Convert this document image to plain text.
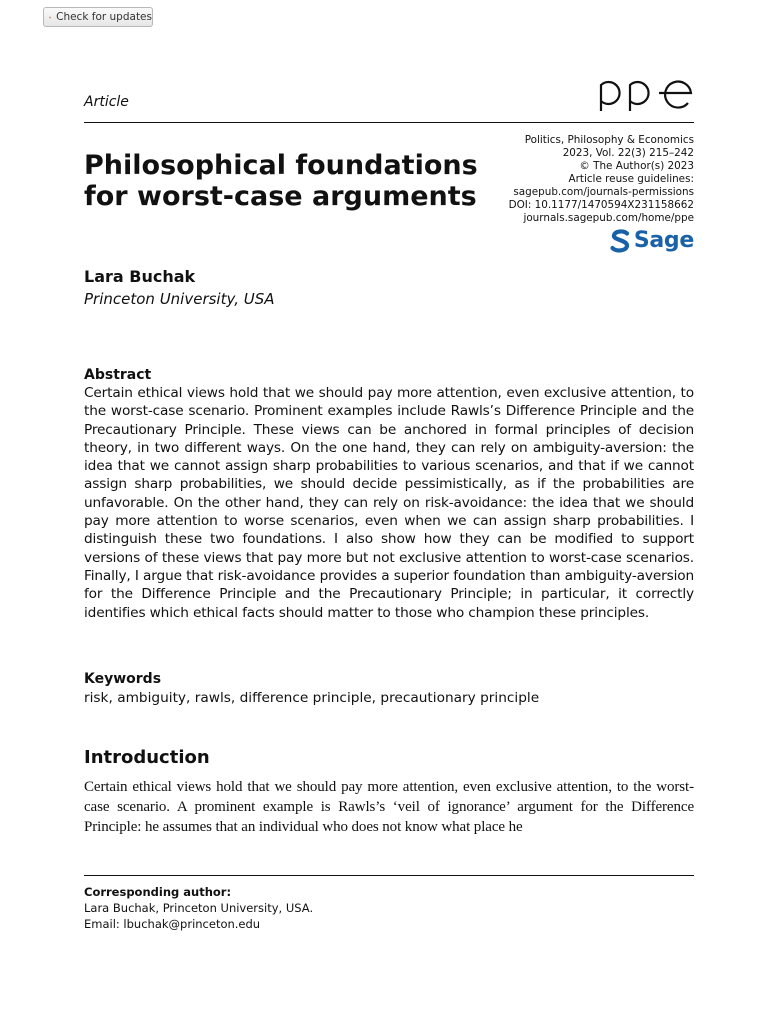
Check for updates
Article
Politics, Philosophy & Economics
2023, Vol. 22(3) 215–242
© The Author(s) 2023
Article reuse guidelines:
sagepub.com/journals-permissions
DOI: 10.1177/1470594X231158662
journals.sagepub.com/home/ppe
Sage
Philosophical foundations
for worst-case arguments
Lara Buchak
Princeton University, USA
Abstract
Certain ethical views hold that we should pay more attention, even exclusive attention, to the worst-case scenario. Prominent examples include Rawls’s Difference Principle and the Precautionary Principle. These views can be anchored in formal principles of decision theory, in two different ways. On the one hand, they can rely on ambiguity-aversion: the idea that we cannot assign sharp probabilities to various scenarios, and that if we cannot assign sharp probabilities, we should decide pessimistically, as if the probabilities are unfavorable. On the other hand, they can rely on risk-avoidance: the idea that we should pay more attention to worse scenarios, even when we can assign sharp probabilities. I distinguish these two foundations. I also show how they can be modified to support versions of these views that pay more but not exclusive attention to worst-case scenarios. Finally, I argue that risk-avoidance provides a superior foundation than ambiguity-aversion for the Difference Principle and the Precautionary Principle; in particular, it correctly identifies which ethical facts should matter to those who champion these principles.
Keywords
risk, ambiguity, rawls, difference principle, precautionary principle
Introduction
Certain ethical views hold that we should pay more attention, even exclusive attention, to the worst-case scenario. A prominent example is Rawls’s ‘veil of ignorance’ argument for the Difference Principle: he assumes that an individual who does not know what place he
Corresponding author:
Lara Buchak, Princeton University, USA.
Email: lbuchak@princeton.edu
